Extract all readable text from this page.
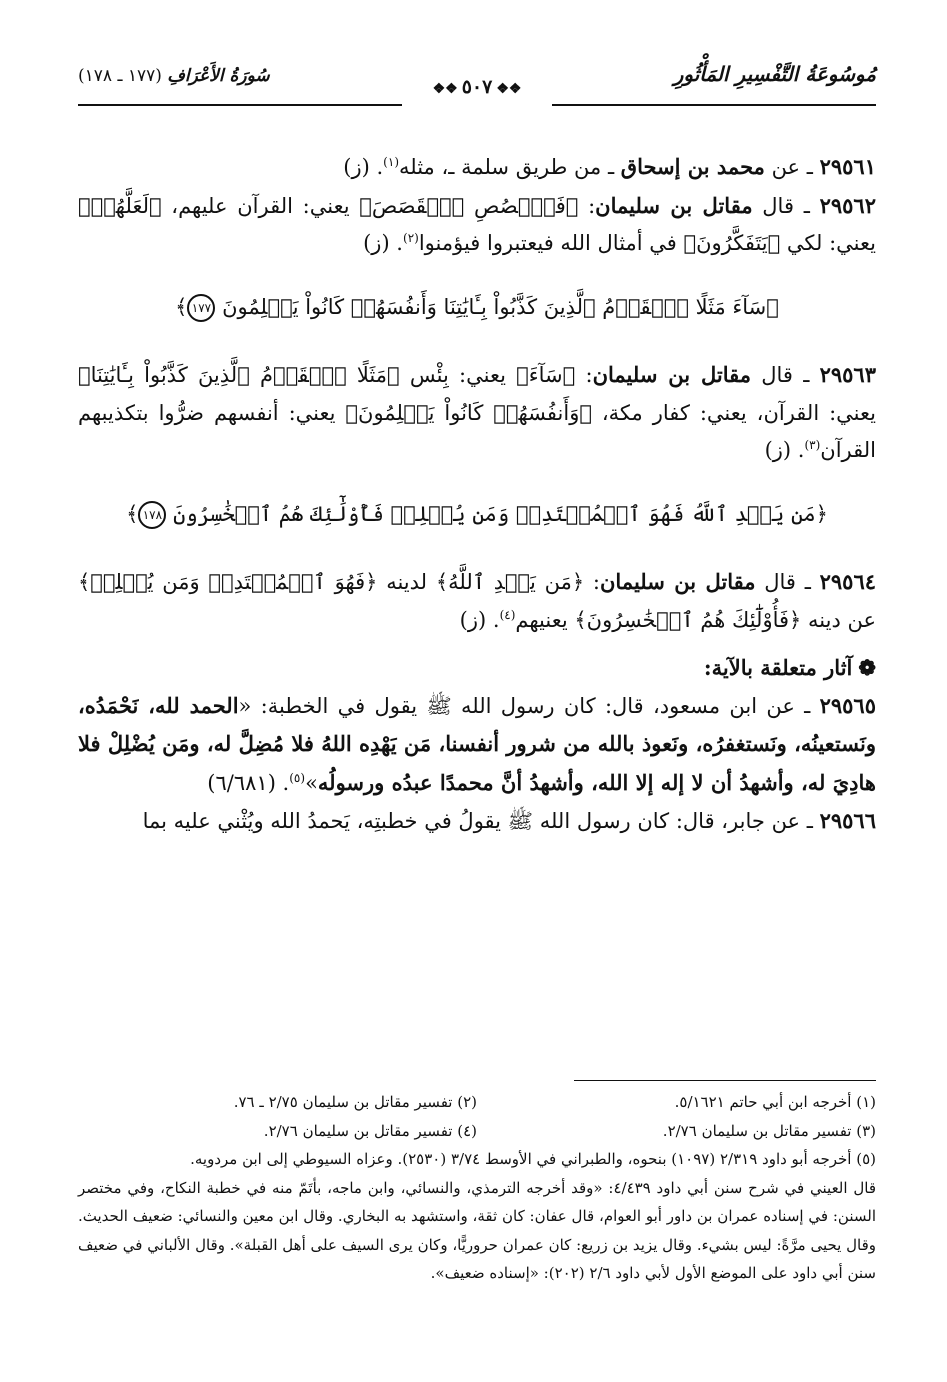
مُوسُوعَةُ التَّفْسِيرِ المَأْثُورِ
❖❖٥٠٧❖❖
سُورَةُ الأَعْرَافِ (١٧٧ ـ ١٧٨)

٢٩٥٦١ ـ عن محمد بن إسحاق ـ من طريق سلمة ـ، مثله$^{(١)}$. (ز)

٢٩٥٦٢ ـ قال مقاتل بن سليمان: ﴿فَٱقۡصُصِ ٱلۡقَصَصَ﴾ يعني: القرآن عليهم، ﴿لَعَلَّهُمۡ﴾ يعني: لكي ﴿يَتَفَكَّرُونَ﴾ في أمثال الله فيعتبروا فيؤمنوا$^{(٢)}$. (ز)

﴿سَآءَ مَثَلًا ٱلۡقَوۡمُ ٱلَّذِينَ كَذَّبُواْ بِـَٔايَٰتِنَا وَأَنفُسَهُمۡ كَانُواْ يَظۡلِمُونَ ١٧٧﴾

٢٩٥٦٣ ـ قال مقاتل بن سليمان: ﴿سَآءَ﴾ يعني: بِئْس ﴿مَثَلًا ٱلۡقَوۡمُ ٱلَّذِينَ كَذَّبُواْ بِـَٔايَٰتِنَا﴾ يعني: القرآن، يعني: كفار مكة، ﴿وَأَنفُسَهُمۡ كَانُواْ يَظۡلِمُونَ﴾ يعني: أنفسهم ضرُّوا بتكذيبهم القرآن$^{(٣)}$. (ز)

﴿مَن يَهۡدِ ٱللَّهُ فَهُوَ ٱلۡمُهۡتَدِيۖ وَمَن يُضۡلِلۡ فَأُوْلَٰٓئِكَ هُمُ ٱلۡخَٰسِرُونَ ١٧٨﴾

٢٩٥٦٤ ـ قال مقاتل بن سليمان: ﴿مَن يَهۡدِ ٱللَّهُ﴾ لدينه ﴿فَهُوَ ٱلۡمُهۡتَدِيۖ وَمَن يُضۡلِلۡ﴾ عن دينه ﴿فَأُوْلَٰٓئِكَ هُمُ ٱلۡخَٰسِرُونَ﴾ يعنيهم$^{(٤)}$. (ز)

❁آثار متعلقة بالآية:

٢٩٥٦٥ ـ عن ابن مسعود، قال: كان رسول الله ﷺ يقول في الخطبة: «الحمد لله، نَحْمَدُه، ونَستعينُه، ونَستغفرُه، ونَعوذ بالله من شرور أنفسنا، مَن يَهْدِه اللهُ فلا مُضِلَّ له، ومَن يُضْلِلْ فلا هادِيَ له، وأشهدُ أن لا إله إلا الله، وأشهدُ أنَّ محمدًا عبدُه ورسولُه»$^{(٥)}$. (٦/٦٨١)

٢٩٥٦٦ ـ عن جابر، قال: كان رسول الله ﷺ يقولُ في خطبتِه، يَحمدُ الله ويُثْني عليه بما

(١) أخرجه ابن أبي حاتم ٥/١٦٢١.
(٢) تفسير مقاتل بن سليمان ٢/٧٥ ـ ٧٦.
(٣) تفسير مقاتل بن سليمان ٢/٧٦.
(٤) تفسير مقاتل بن سليمان ٢/٧٦.

(٥) أخرجه أبو داود ٢/٣١٩ (١٠٩٧) بنحوه، والطبراني في الأوسط ٣/٧٤ (٢٥٣٠). وعزاه السيوطي إلى ابن مردويه.

قال العيني في شرح سنن أبي داود ٤/٤٣٩: «وقد أخرجه الترمذي، والنسائي، وابن ماجه، بأتَمّ منه في خطبة النكاح، وفي مختصر السنن: في إسناده عمران بن داور أبو العوام، قال عفان: كان ثقة، واستشهد به البخاري. وقال ابن معين والنسائي: ضعيف الحديث. وقال يحيى مرَّةً: ليس بشيء. وقال يزيد بن زريع: كان عمران حروريًّا، وكان يرى السيف على أهل القبلة». وقال الألباني في ضعيف سنن أبي داود على الموضع الأول لأبي داود ٢/٦ (٢٠٢): «إسناده ضعيف».
